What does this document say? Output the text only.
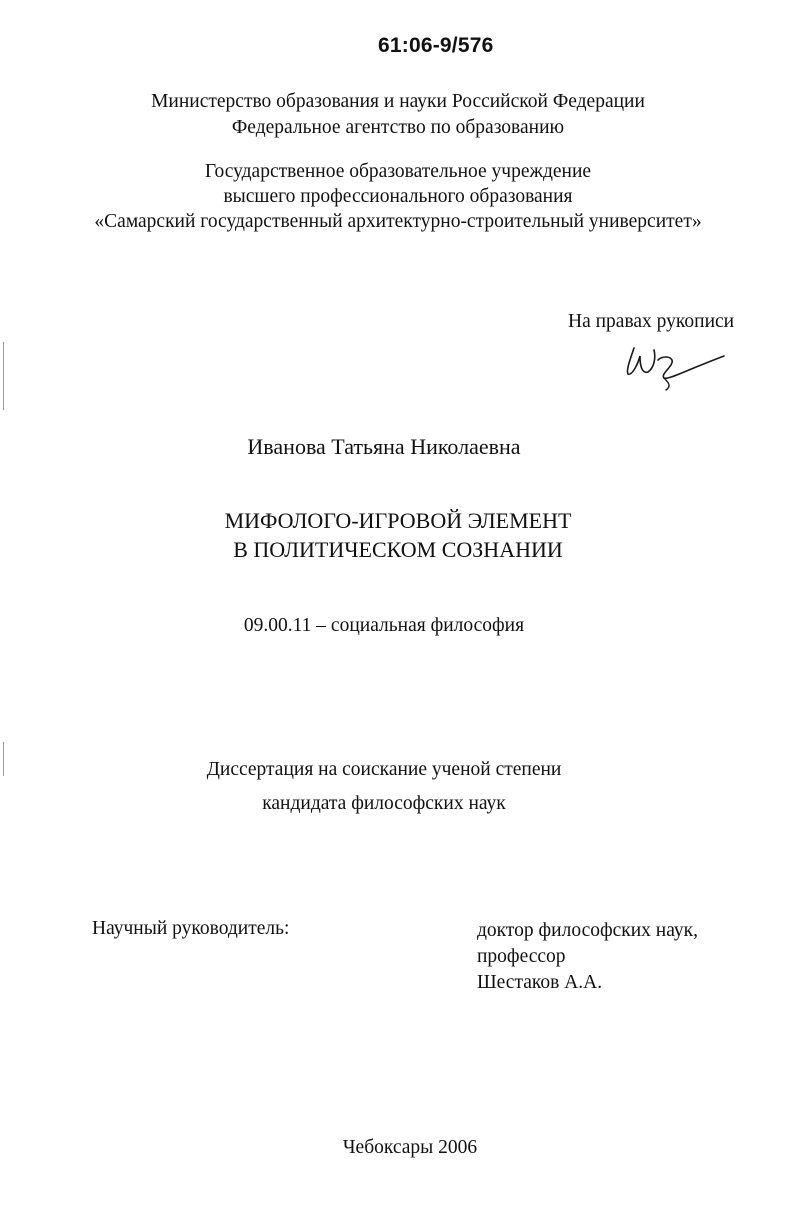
61:06-9/576
Министерство образования и науки Российской Федерации
Федеральное агентство по образованию
Государственное образовательное учреждение
высшего профессионального образования
«Самарский государственный архитектурно-строительный университет»
На правах рукописи
Иванова Татьяна Николаевна
МИФОЛОГО-ИГРОВОЙ ЭЛЕМЕНТ
В ПОЛИТИЧЕСКОМ СОЗНАНИИ
09.00.11 – социальная философия
Диссертация на соискание ученой степени
кандидата философских наук
Научный руководитель:	доктор философских наук,
профессор
Шестаков А.А.
Чебоксары 2006
